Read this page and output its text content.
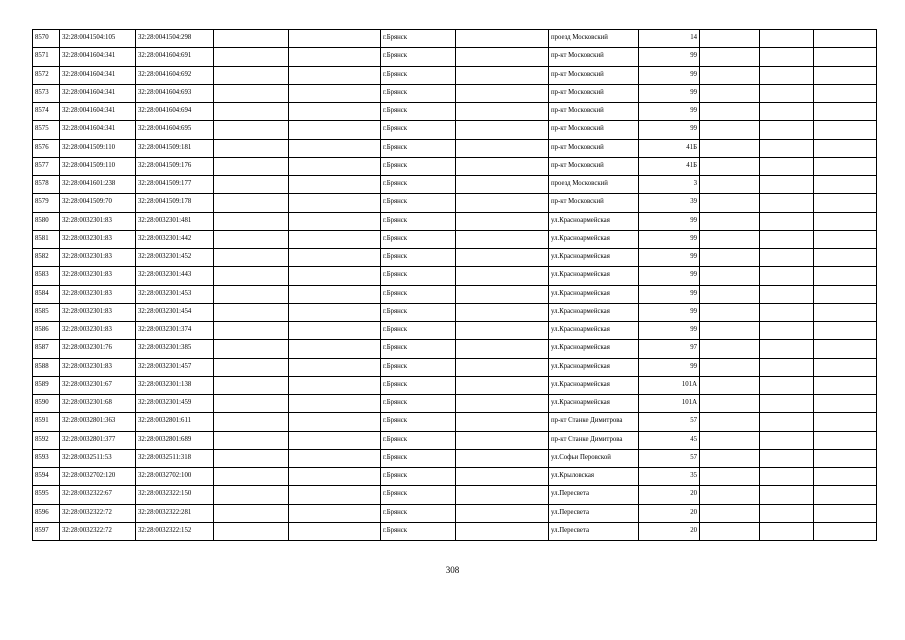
8570	32:28:0041504:105	32:28:0041504:298			г.Брянск		проезд Московский	14			
8571	32:28:0041604:341	32:28:0041604:691			г.Брянск		пр-кт Московский	99			
8572	32:28:0041604:341	32:28:0041604:692			г.Брянск		пр-кт Московский	99			
8573	32:28:0041604:341	32:28:0041604:693			г.Брянск		пр-кт Московский	99			
8574	32:28:0041604:341	32:28:0041604:694			г.Брянск		пр-кт Московский	99			
8575	32:28:0041604:341	32:28:0041604:695			г.Брянск		пр-кт Московский	99			
8576	32:28:0041509:110	32:28:0041509:181			г.Брянск		пр-кт Московский	41Б			
8577	32:28:0041509:110	32:28:0041509:176			г.Брянск		пр-кт Московский	41Б			
8578	32:28:0041601:238	32:28:0041509:177			г.Брянск		проезд Московский	3			
8579	32:28:0041509:70	32:28:0041509:178			г.Брянск		пр-кт Московский	39			
8580	32:28:0032301:83	32:28:0032301:481			г.Брянск		ул.Красноармейская	99			
8581	32:28:0032301:83	32:28:0032301:442			г.Брянск		ул.Красноармейская	99			
8582	32:28:0032301:83	32:28:0032301:452			г.Брянск		ул.Красноармейская	99			
8583	32:28:0032301:83	32:28:0032301:443			г.Брянск		ул.Красноармейская	99			
8584	32:28:0032301:83	32:28:0032301:453			г.Брянск		ул.Красноармейская	99			
8585	32:28:0032301:83	32:28:0032301:454			г.Брянск		ул.Красноармейская	99			
8586	32:28:0032301:83	32:28:0032301:374			г.Брянск		ул.Красноармейская	99			
8587	32:28:0032301:76	32:28:0032301:385			г.Брянск		ул.Красноармейская	97			
8588	32:28:0032301:83	32:28:0032301:457			г.Брянск		ул.Красноармейская	99			
8589	32:28:0032301:67	32:28:0032301:138			г.Брянск		ул.Красноармейская	101А			
8590	32:28:0032301:68	32:28:0032301:459			г.Брянск		ул.Красноармейская	101А			
8591	32:28:0032801:363	32:28:0032801:611			г.Брянск		пр-кт Станке Димитрова	57			
8592	32:28:0032801:377	32:28:0032801:689			г.Брянск		пр-кт Станке Димитрова	45			
8593	32:28:0032511:53	32:28:0032511:318			г.Брянск		ул.Софьи Перовской	57			
8594	32:28:0032702:120	32:28:0032702:100			г.Брянск		ул.Крыловская	35			
8595	32:28:0032322:67	32:28:0032322:150			г.Брянск		ул.Пересвета	20			
8596	32:28:0032322:72	32:28:0032322:281			г.Брянск		ул.Пересвета	20			
8597	32:28:0032322:72	32:28:0032322:152			г.Брянск		ул.Пересвета	20			
308
